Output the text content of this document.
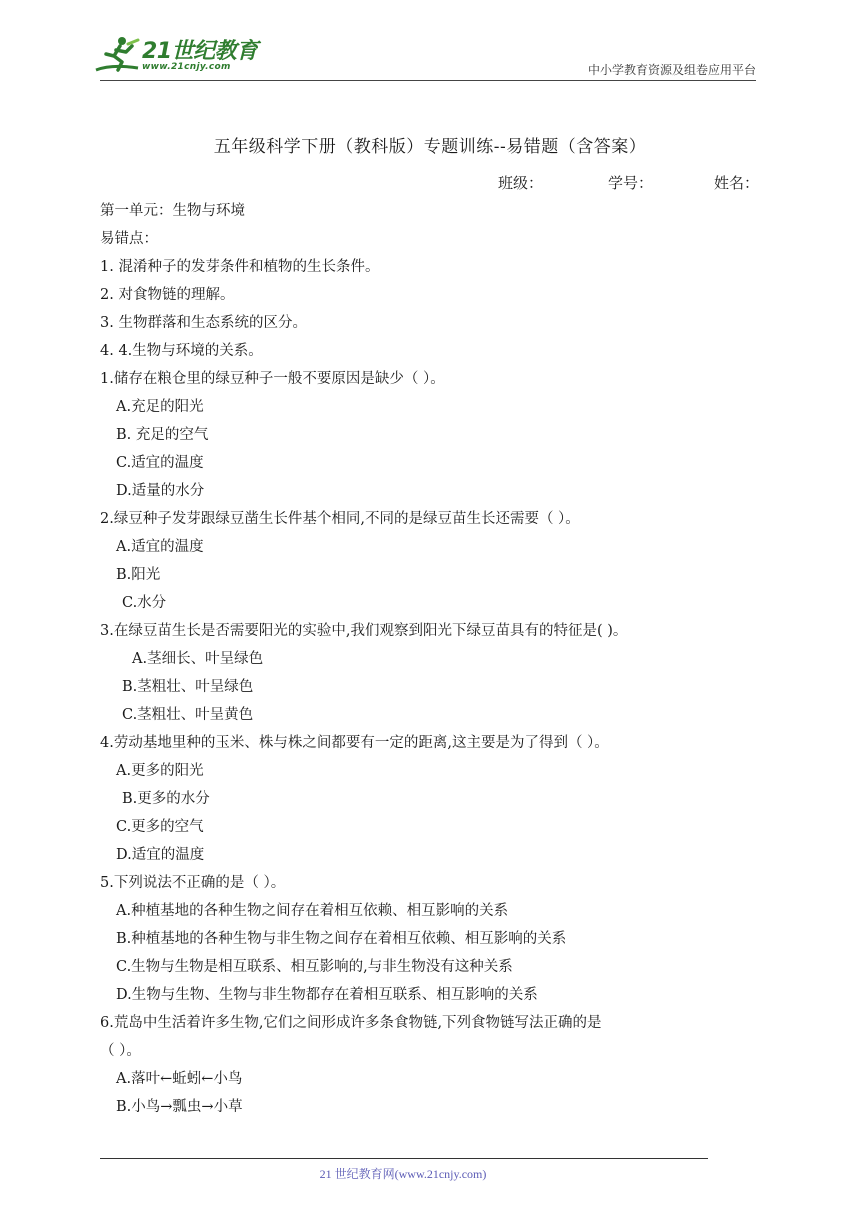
21世纪教育
www.21cnjy.com	中小学教育资源及组卷应用平台
五年级科学下册（教科版）专题训练--易错题（含答案）
班级：	学号：	姓名：
第一单元：生物与环境
易错点：
1. 混淆种子的发芽条件和植物的生长条件。
2. 对食物链的理解。
3. 生物群落和生态系统的区分。
4. 4.生物与环境的关系。
1.储存在粮仓里的绿豆种子一般不要原因是缺少（ ）。
A.充足的阳光
B. 充足的空气
C.适宜的温度
D.适量的水分
2.绿豆种子发芽跟绿豆凿生长件基个相同,不同的是绿豆苗生长还需要（ ）。
A.适宜的温度
B.阳光
C.水分
3.在绿豆苗生长是否需要阳光的实验中,我们观察到阳光下绿豆苗具有的特征是( )。
A.茎细长、叶呈绿色
B.茎粗壮、叶呈绿色
C.茎粗壮、叶呈黄色
4.劳动基地里种的玉米、株与株之间都要有一定的距离,这主要是为了得到（ ）。
A.更多的阳光
B.更多的水分
C.更多的空气
D.适宜的温度
5.下列说法不正确的是（ ）。
A.种植基地的各种生物之间存在着相互依赖、相互影响的关系
B.种植基地的各种生物与非生物之间存在着相互依赖、相互影响的关系
C.生物与生物是相互联系、相互影响的,与非生物没有这种关系
D.生物与生物、生物与非生物都存在着相互联系、相互影响的关系
6.荒岛中生活着许多生物,它们之间形成许多条食物链,下列食物链写法正确的是
（ ）。
A.落叶←蚯蚓←小鸟
B.小鸟→瓢虫→小草
21 世纪教育网(www.21cnjy.com)
